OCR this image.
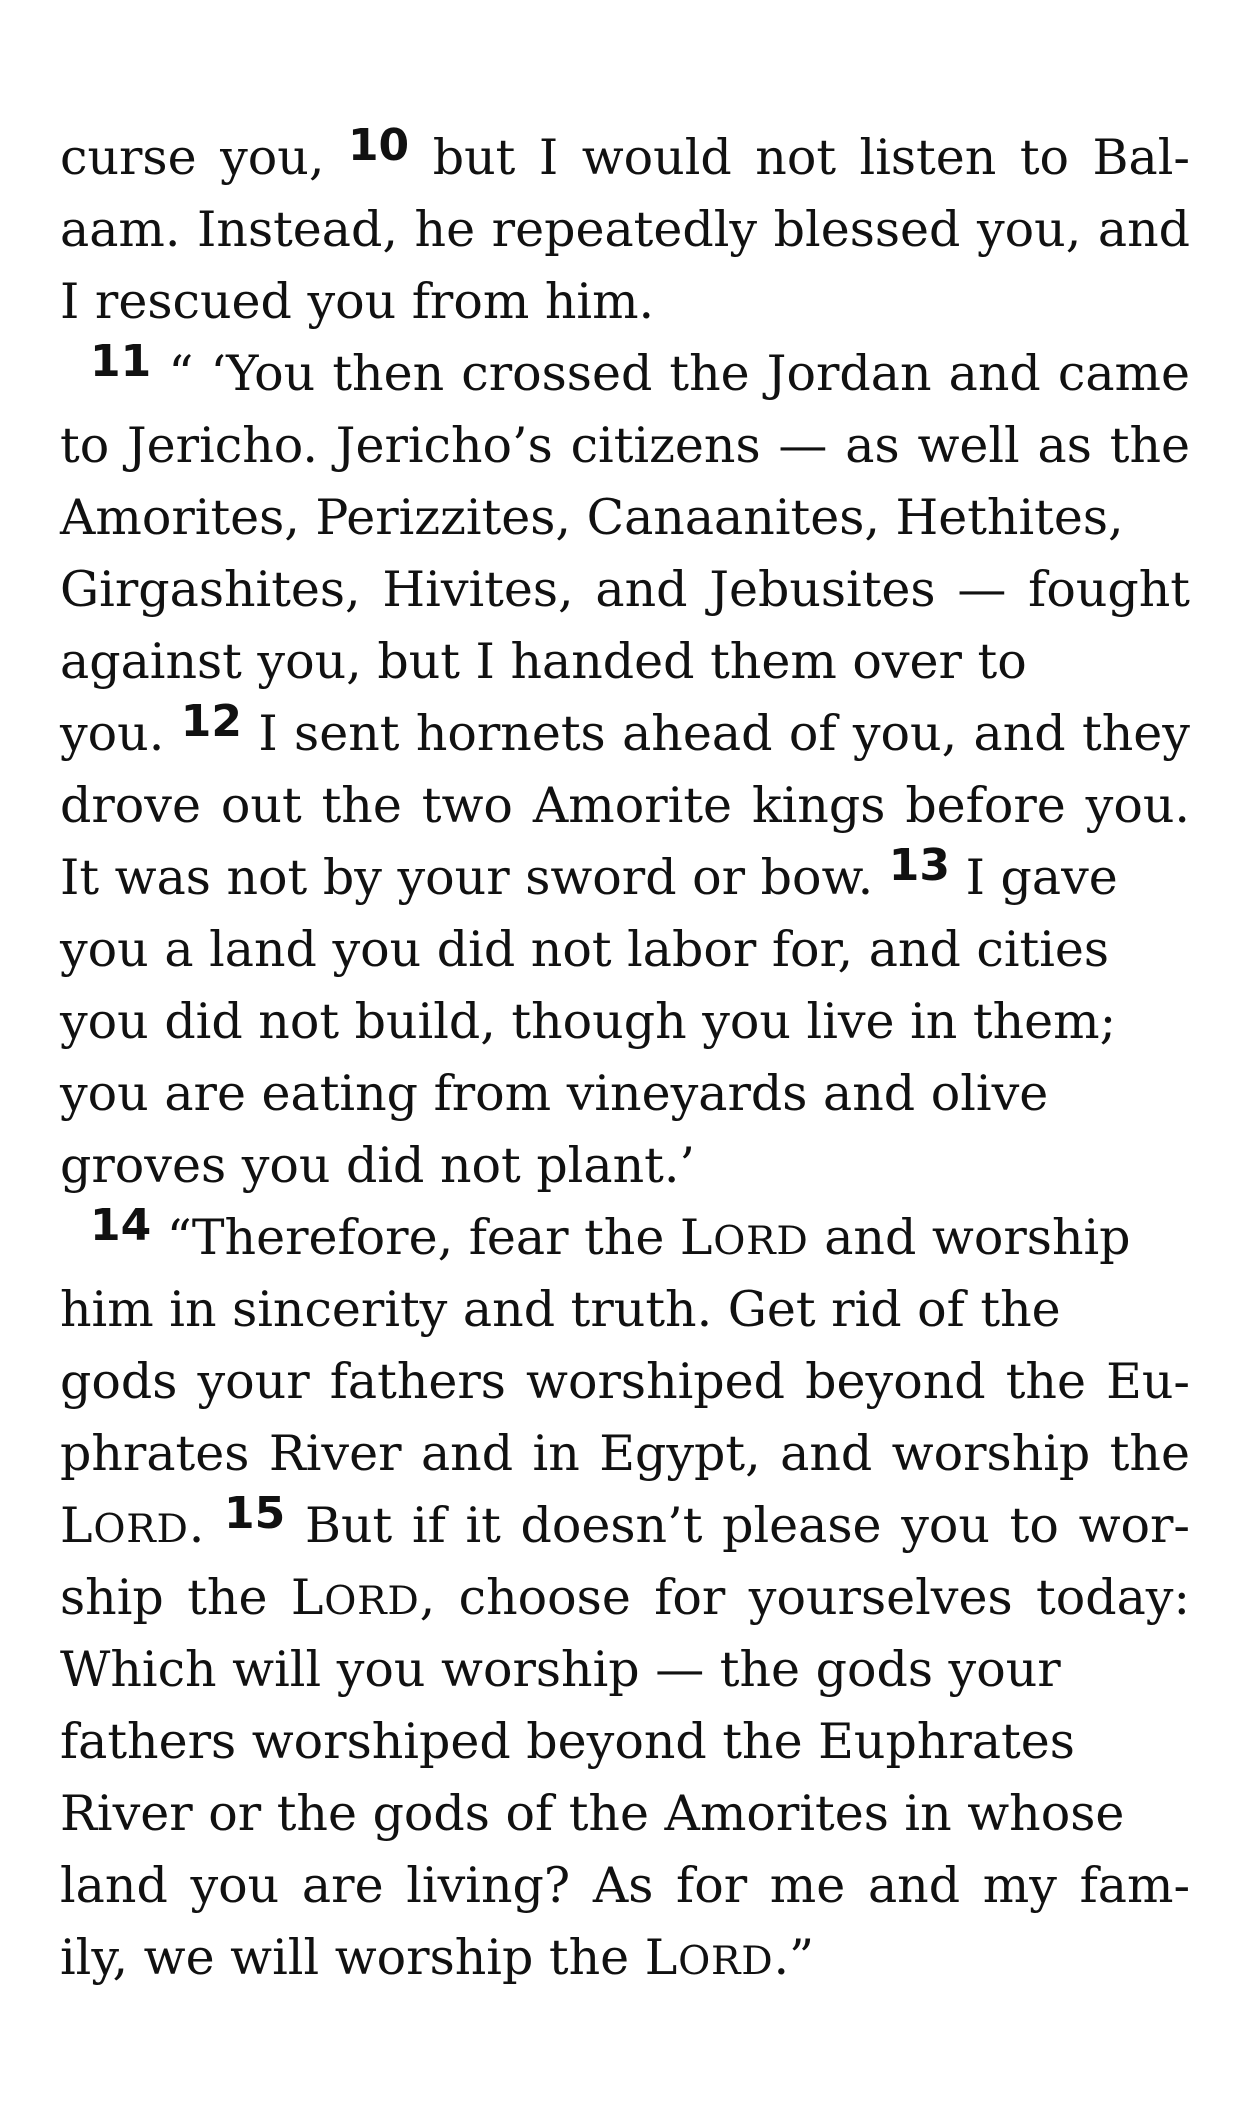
curse you, 10 but I would not listen to Bal-
aam. Instead, he repeatedly blessed you, and
I rescued you from him.
11 “ ‘You then crossed the Jordan and came
to Jericho. Jericho’s citizens — as well as the
Amorites, Perizzites, Canaanites, Hethites,
Girgashites, Hivites, and Jebusites — fought
against you, but I handed them over to
you. 12 I sent hornets ahead of you, and they
drove out the two Amorite kings before you.
It was not by your sword or bow. 13 I gave
you a land you did not labor for, and cities
you did not build, though you live in them;
you are eating from vineyards and olive
groves you did not plant.’
14 “Therefore, fear the LORD and worship
him in sincerity and truth. Get rid of the
gods your fathers worshiped beyond the Eu-
phrates River and in Egypt, and worship the
LORD. 15 But if it doesn’t please you to wor-
ship the LORD, choose for yourselves today:
Which will you worship — the gods your
fathers worshiped beyond the Euphrates
River or the gods of the Amorites in whose
land you are living? As for me and my fam-
ily, we will worship the LORD.”
